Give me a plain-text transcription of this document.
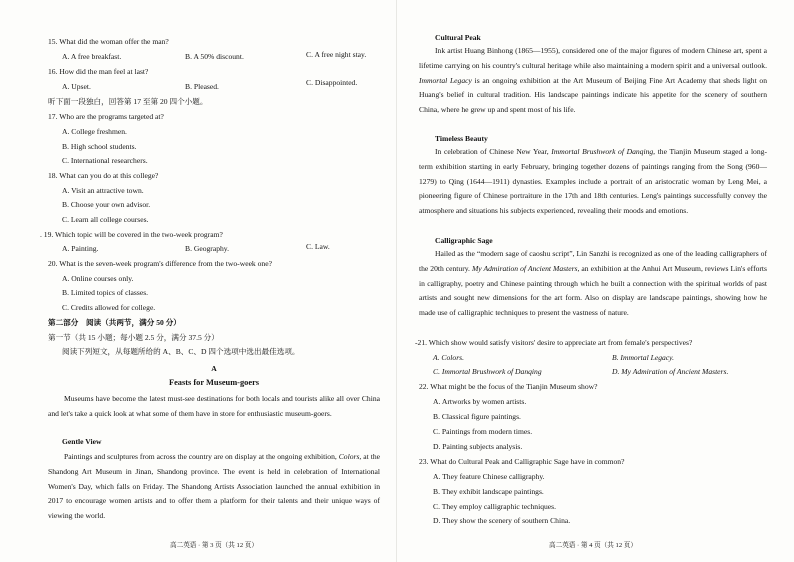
15. What did the woman offer the man?
A. A free breakfast.	B. A 50% discount.	C. A free night stay.
16. How did the man feel at last?
A. Upset.	B. Pleased.	C. Disappointed.
听下面一段独白，回答第 17 至第 20 四个小题。
17. Who are the programs targeted at?
A. College freshmen.
B. High school students.
C. International researchers.
18. What can you do at this college?
A. Visit an attractive town.
B. Choose your own advisor.
C. Learn all college courses.
. 19. Which topic will be covered in the two-week program?
A. Painting.	B. Geography.	C. Law.
20. What is the seven-week program's difference from the two-week one?
A. Online courses only.
B. Limited topics of classes.
C. Credits allowed for college.
第二部分　阅读（共两节，满分 50 分）
第一节（共 15 小题；每小题 2.5 分，满分 37.5 分）
阅读下列短文，从每题所给的 A、B、C、D 四个选项中选出最佳选项。
A
Feasts for Museum-goers
Museums have become the latest must-see destinations for both locals and tourists alike all over China and let's take a quick look at what some of them have in store for enthusiastic museum-goers.
Gentle View
Paintings and sculptures from across the country are on display at the ongoing exhibition, Colors, at the Shandong Art Museum in Jinan, Shandong province. The event is held in celebration of International Women's Day, which falls on Friday. The Shandong Artists Association launched the annual exhibition in 2017 to encourage women artists and to offer them a platform for their talents and their unique ways of viewing the world.
高二英语 · 第 3 页（共 12 页）
Cultural Peak
Ink artist Huang Binhong (1865—1955), considered one of the major figures of modern Chinese art, spent a lifetime carrying on his country's cultural heritage while also maintaining a modern spirit and a universal outlook. Immortal Legacy is an ongoing exhibition at the Art Museum of Beijing Fine Art Academy that sheds light on Huang's belief in cultural tradition. His landscape paintings indicate his appetite for the scenery of southern China, where he grew up and spent most of his life.
Timeless Beauty
In celebration of Chinese New Year, Immortal Brushwork of Danqing, the Tianjin Museum staged a long-term exhibition starting in early February, bringing together dozens of paintings ranging from the Song (960—1279) to Qing (1644—1911) dynasties. Examples include a portrait of an aristocratic woman by Leng Mei, a pioneering figure of Chinese portraiture in the 17th and 18th centuries. Leng's paintings successfully convey the atmosphere and situations his subjects experienced, revealing their moods and emotions.
Calligraphic Sage
Hailed as the “modern sage of caoshu script”, Lin Sanzhi is recognized as one of the leading calligraphers of the 20th century. My Admiration of Ancient Masters, an exhibition at the Anhui Art Museum, reviews Lin's efforts in calligraphy, poetry and Chinese painting through which he built a connection with the spiritual worlds of past artists and sought new dimensions for the art form. Also on display are landscape paintings, showing how he made use of calligraphic techniques to present the vastness of nature.
-21. Which show would satisfy visitors' desire to appreciate art from female's perspectives?
A. Colors.	B. Immortal Legacy.
C. Immortal Brushwork of Danqing	D. My Admiration of Ancient Masters.
22. What might be the focus of the Tianjin Museum show?
A. Artworks by women artists.
B. Classical figure paintings.
C. Paintings from modern times.
D. Painting subjects analysis.
23. What do Cultural Peak and Calligraphic Sage have in common?
A. They feature Chinese calligraphy.
B. They exhibit landscape paintings.
C. They employ calligraphic techniques.
D. They show the scenery of southern China.
高二英语 · 第 4 页（共 12 页）
